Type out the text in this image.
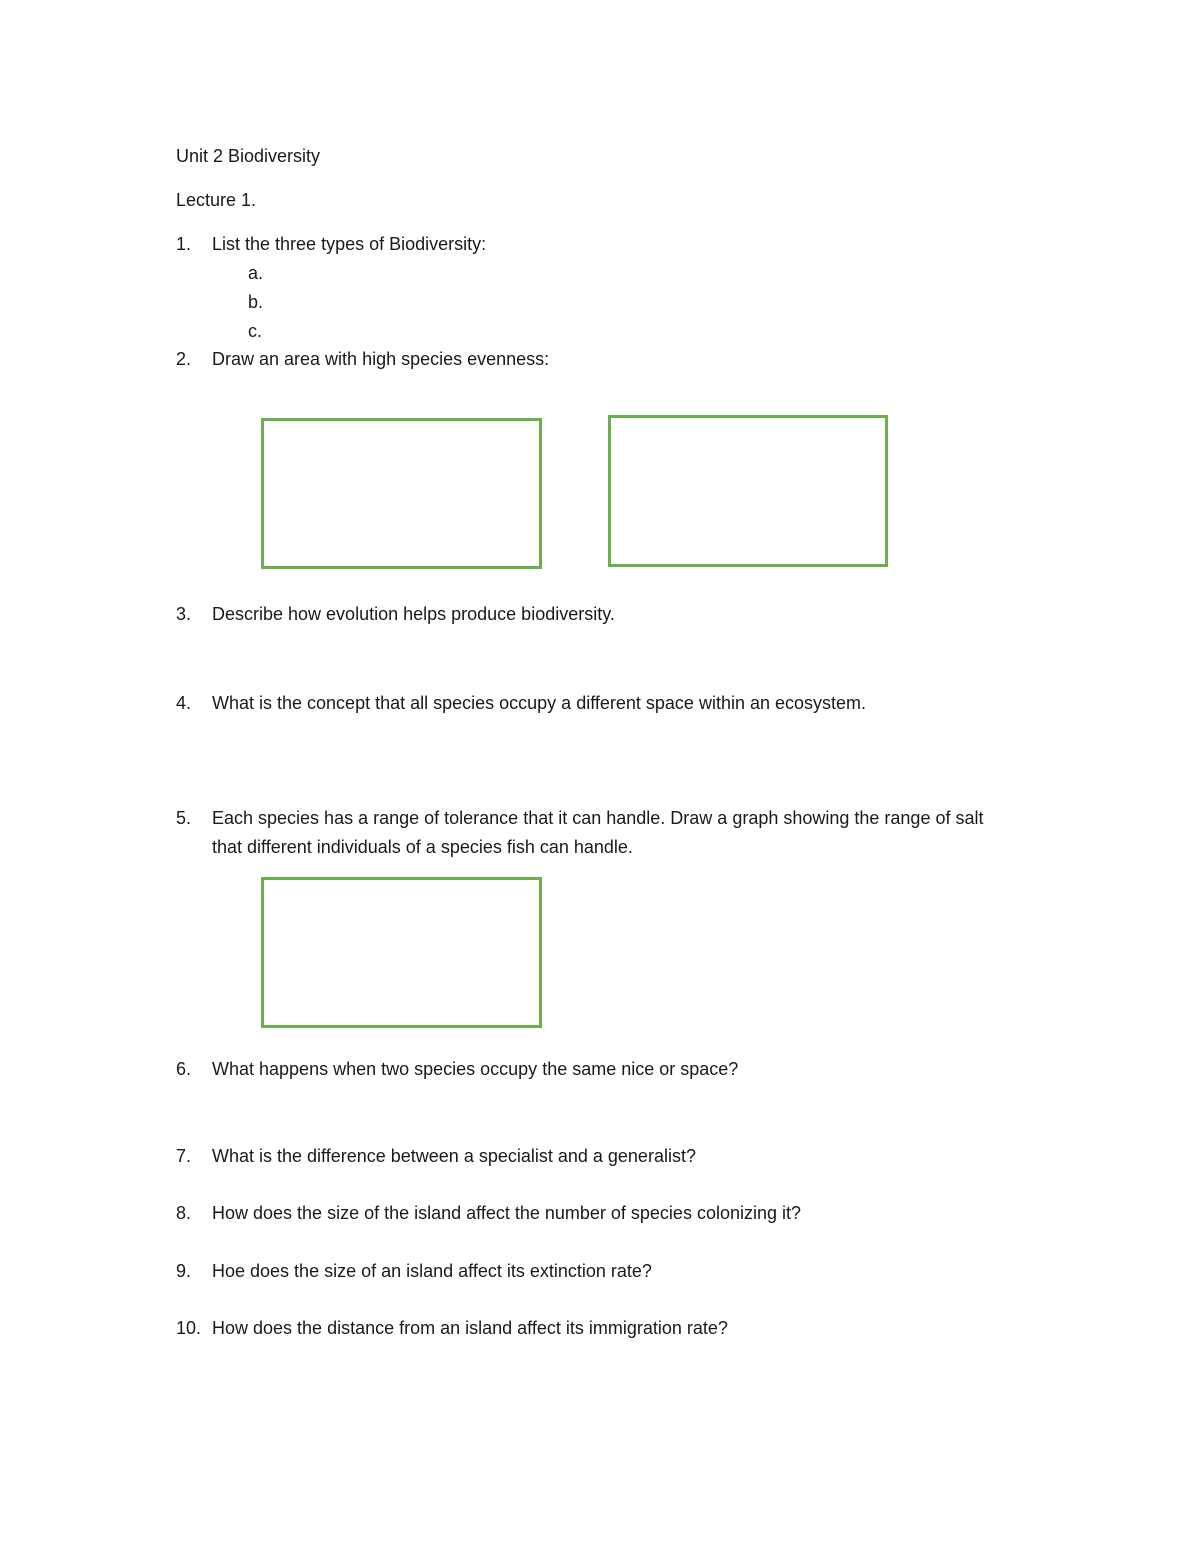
Unit 2 Biodiversity
Lecture 1.
1. List the three types of Biodiversity:
a.
b.
c.
2. Draw an area with high species evenness:
3. Describe how evolution helps produce biodiversity.
4. What is the concept that all species occupy a different space within an ecosystem.
5. Each species has a range of tolerance that it can handle. Draw a graph showing the range of salt
that different individuals of a species fish can handle.
6. What happens when two species occupy the same nice or space?
7. What is the difference between a specialist and a generalist?
8. How does the size of the island affect the number of species colonizing it?
9. Hoe does the size of an island affect its extinction rate?
10. How does the distance from an island affect its immigration rate?
